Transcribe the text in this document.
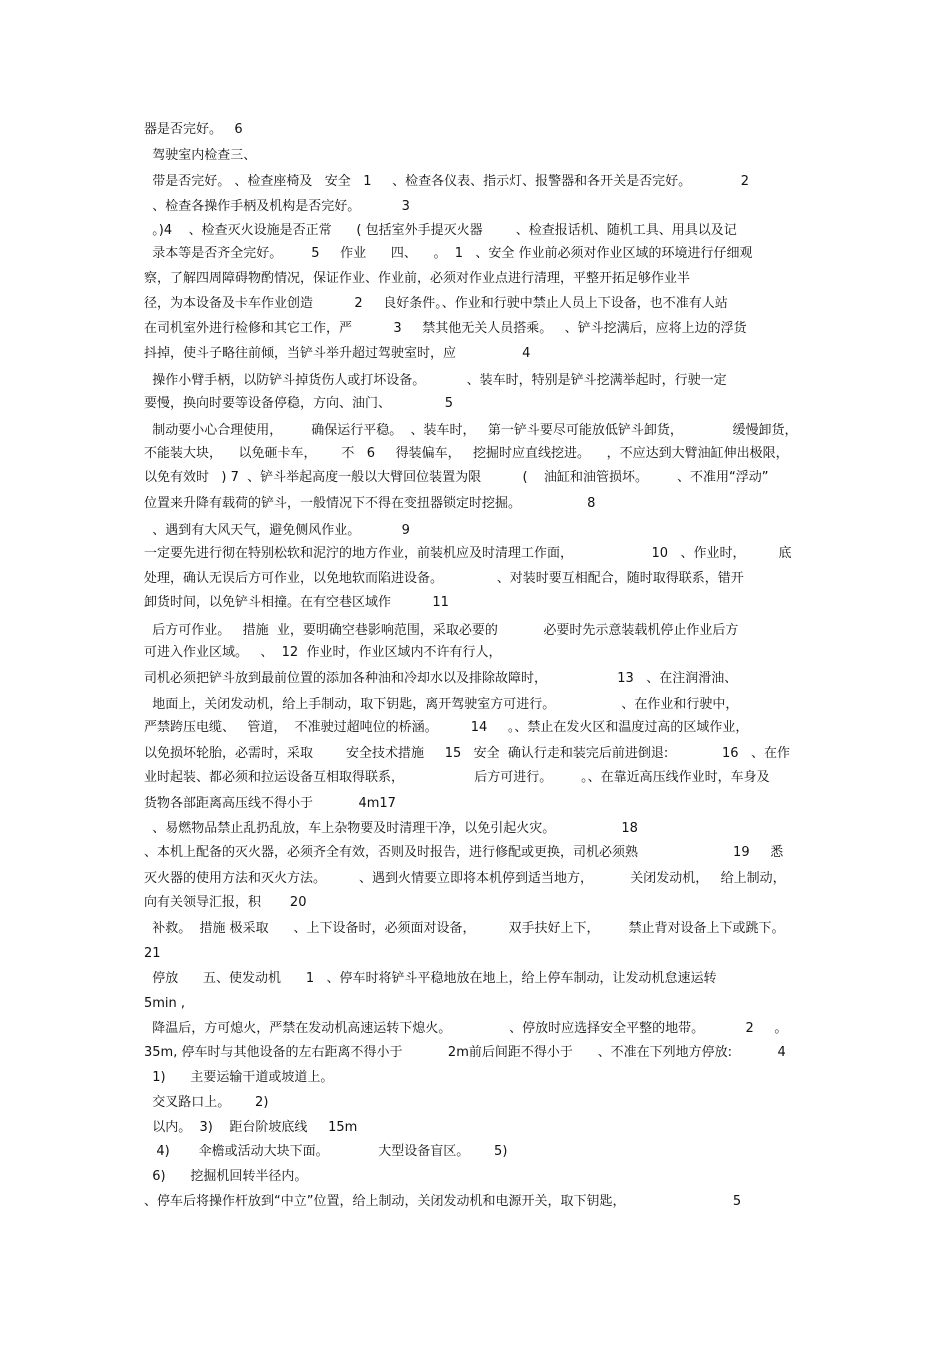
器是否完好。   6
驾驶室内检查三、
带是否完好。 、检查座椅及   安全   1     、检查各仪表、指示灯、报警器和各开关是否完好。            2
、检查各操作手柄及机构是否完好。          3
。)4    、检查灭火设施是否正常      ( 包括室外手提灭火器        、检查报话机、随机工具、用具以及记
录本等是否齐全完好。       5     作业      四、    。  1   、安全 作业前必须对作业区域的环境进行仔细观
察，了解四周障碍物酌情况，保证作业、作业前，必须对作业点进行清理，平整开拓足够作业半
径，为本设备及卡车作业创造          2     良好条件。、作业和行驶中禁止人员上下设备，也不准有人站
在司机室外进行检修和其它工作，严          3     禁其他无关人员搭乘。   、铲斗挖满后，应将上边的浮货
抖掉，使斗子略往前倾，当铲斗举升超过驾驶室时，应                4
操作小臂手柄，以防铲斗掉货伤人或打坏设备。          、装车时，特别是铲斗挖满举起时，行驶一定
要慢，换向时要等设备停稳，方向、油门、             5
制动要小心合理使用，       确保运行平稳。  、装车时，   第一铲斗要尽可能放低铲斗卸货，            缓慢卸货，
不能装大块，    以免砸卡车，      不   6     得装偏车，   挖掘时应直线挖进。    ，不应达到大臂油缸伸出极限，
以免有效时   ) 7  、铲斗举起高度一般以大臂回位装置为限          (    油缸和油管损坏。       、不准用“浮动”
位置来升降有载荷的铲斗，一般情况下不得在变扭器锁定时挖掘。                8
、遇到有大风天气，避免侧风作业。          9
一定要先进行彻在特别松软和泥泞的地方作业，前装机应及时清理工作面，                   10   、作业时，        底
处理，确认无误后方可作业，以免地软而陷进设备。             、对装时要互相配合，随时取得联系，错开
卸货时间，以免铲斗相撞。在有空巷区域作          11
后方可作业。   措施  业，要明确空巷影响范围，采取必要的           必要时先示意装载机停止作业后方
可进入作业区域。   、  12  作业时，作业区域内不许有行人，
司机必须把铲斗放到最前位置的添加各种油和冷却水以及排除故障时，                 13   、在注润滑油、
地面上，关闭发动机，给上手制动，取下钥匙，离开驾驶室方可进行。                、在作业和行驶中，
严禁跨压电缆、   管道，  不准驶过超吨位的桥涵。        14     。、禁止在发火区和温度过高的区域作业，
以免损坏轮胎，必需时，采取        安全技术措施     15   安全  确认行走和装完后前进倒退:             16   、在作
业时起装、都必须和拉运设备互相取得联系，                 后方可进行。       。、在靠近高压线作业时，车身及
货物各部距离高压线不得小于           4m17
、易燃物品禁止乱扔乱放，车上杂物要及时清理干净，以免引起火灾。                18
、本机上配备的灭火器，必须齐全有效，否则及时报告，进行修配或更换，司机必须熟                       19     悉
灭火器的使用方法和灭火方法。        、遇到火情要立即将本机停到适当地方，         关闭发动机，   给上制动，
向有关领导汇报，积       20
补救。  措施 极采取      、上下设备时，必须面对设备，        双手扶好上下，       禁止背对设备上下或跳下。
21
停放      五、使发动机      1   、停车时将铲斗平稳地放在地上，给上停车制动，让发动机怠速运转
5min ,
降温后，方可熄火，严禁在发动机高速运转下熄火。              、停放时应选择安全平整的地带。          2     。
35m, 停车时与其他设备的左右距离不得小于           2m前后间距不得小于      、不准在下列地方停放:           4
1)      主要运输干道或坡道上。
交叉路口上。      2)
以内。  3)    距台阶坡底线     15m
4)       伞檐或活动大块下面。            大型设备盲区。      5)
6)      挖掘机回转半径内。
、停车后将操作杆放到“中立”位置，给上制动，关闭发动机和电源开关，取下钥匙，                          5
